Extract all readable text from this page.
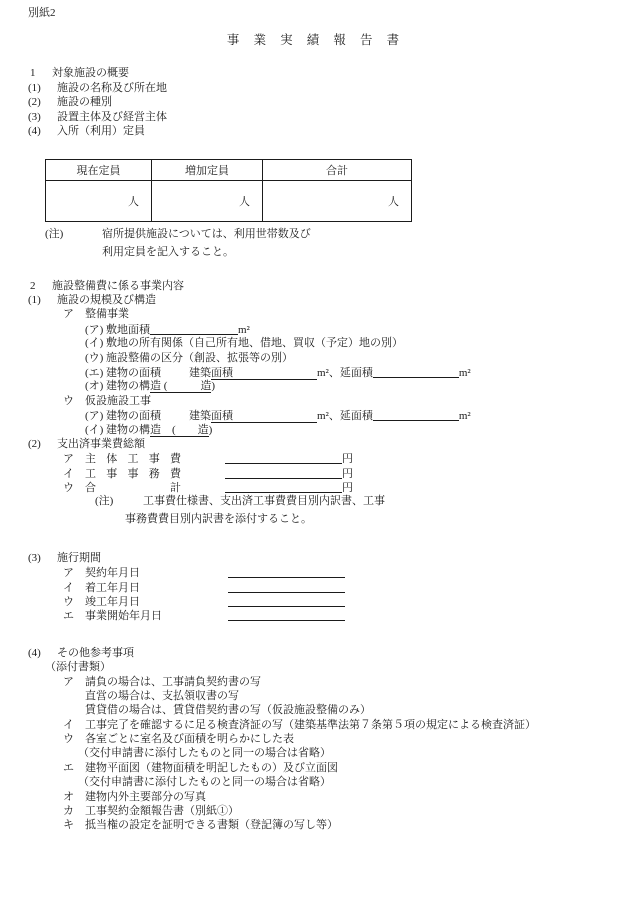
別紙2
事 業 実 績 報 告 書
1 対象施設の概要
(1) 施設の名称及び所在地
(2) 施設の種別
(3) 設置主体及び経営主体
(4) 入所（利用）定員
現在定員	増加定員	合計
人	人	人
(注)	宿所提供施設については、利用世帯数及び
利用定員を記入すること。
2 施設整備費に係る事業内容
(1) 施設の規模及び構造
ア 整備事業
(ア) 敷地面積	m²
(イ) 敷地の所有関係（自己所有地、借地、買収（予定）地の別）
(ウ) 施設整備の区分（創設、拡張等の別）
(エ) 建物の面積	建築面積	m²、延面積	m²
(オ) 建物の構造 (            造)
ウ 仮設施設工事
(ア) 建物の面積	建築面積	m²、延面積	m²
(イ) 建物の構造    (        造)
(2) 支出済事業費総額
ア 主 体 工 事 費	円
イ 工 事 事 務 費	円
ウ 合 計	円
(注)	工事費仕様書、支出済工事費費目別内訳書、工事
事務費費目別内訳書を添付すること。
(3) 施行期間
ア 契約年月日
イ 着工年月日
ウ 竣工年月日
エ 事業開始年月日
(4) その他参考事項
（添付書類）
ア 請負の場合は、工事請負契約書の写
直営の場合は、支払領収書の写
賃貸借の場合は、賃貸借契約書の写（仮設施設整備のみ）
イ 工事完了を確認するに足る検査済証の写（建築基準法第７条第５項の規定による検査済証）
ウ 各室ごとに室名及び面積を明らかにした表
（交付申請書に添付したものと同一の場合は省略）
エ 建物平面図（建物面積を明記したもの）及び立面図
（交付申請書に添付したものと同一の場合は省略）
オ 建物内外主要部分の写真
カ 工事契約金額報告書（別紙①）
キ 抵当権の設定を証明できる書類（登記簿の写し等）
